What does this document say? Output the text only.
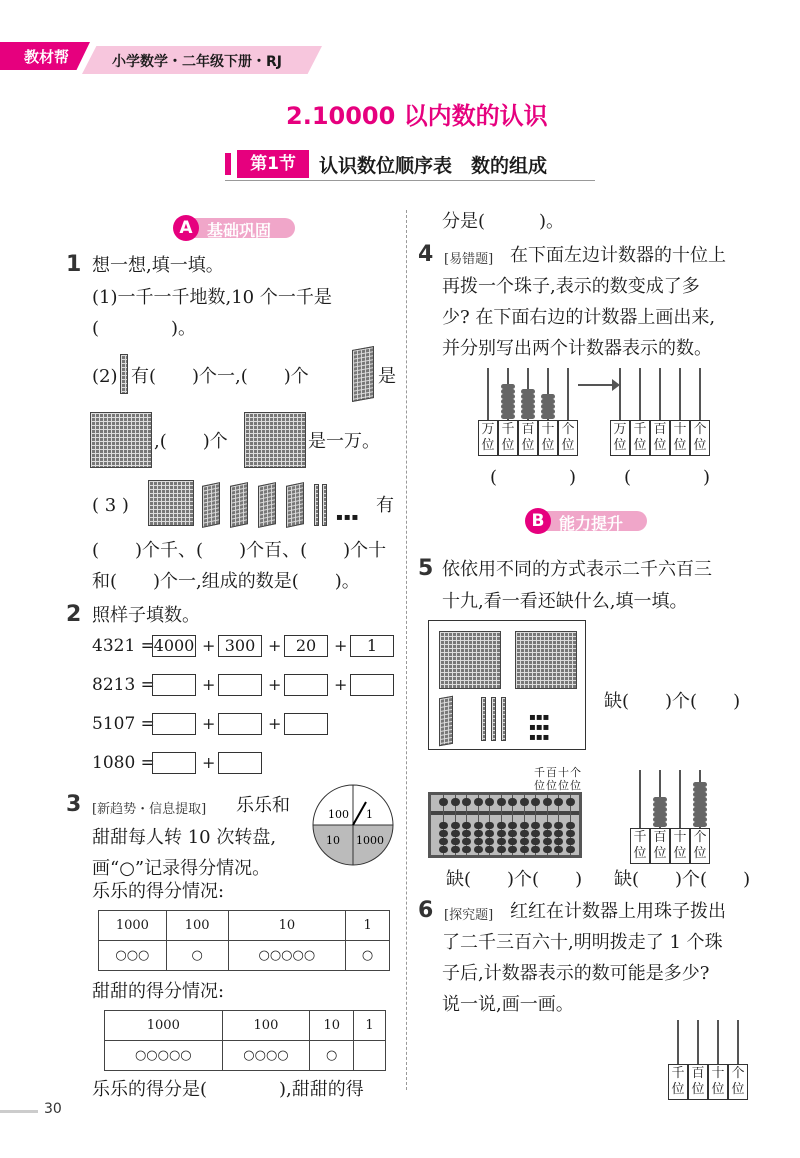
教材帮	小学数学・二年级下册・RJ
2.10000 以内数的认识
第1节	认识数位顺序表　数的组成
A 基础巩固
1 想一想,填一填。
(1)一千一千地数,10 个一千是
(　　　　)。
(2) 有(　　)个一,(　　)个	是
,(　　)个	是一万。
( 3 )
▪▪▪
有
(　　)个千、(　　)个百、(　　)个十
和(　　)个一,组成的数是(　　)。
2 照样子填数。
4321 =
4000 + 300 + 20	+	1
8213 =	+	+	+
5107 =	+	+
1080 =	+
3 [新趋势・信息提取] 乐乐和
甜甜每人转 10 次转盘,
画“○”记录得分情况。
100 1
10 1000
乐乐的得分情况:
1000	100	10	1
○○○	○	○○○○○	○
甜甜的得分情况:
1000	100	10	1
○○○○○	○○○○	○	
乐乐的得分是(　　　　),甜甜的得
分是(　　　)。
4 [易错题] 在下面左边计数器的十位上
再拨一个珠子,表示的数变成了多
少? 在下面右边的计数器上画出来,
并分别写出两个计数器表示的数。
万
位
千
位
百
位
十
位
个
位
万
位
千
位
百
位
十
位
个
位
(　　　　)	(　　　　)
B 能力提升
5 依依用不同的方式表示二千六百三
十九,看一看还缺什么,填一填。
▪▪▪
▪▪▪
▪▪▪
缺(　　)个(　　)
千百十个
位位位位
千
位
百
位
十
位
个
位
缺(　　)个(　　) 缺(　　)个(　　)
6 [探究题] 红红在计数器上用珠子拨出
了二千三百六十,明明拨走了 1 个珠
子后,计数器表示的数可能是多少?
说一说,画一画。
千
位
百
位
十
位
个
位
30
